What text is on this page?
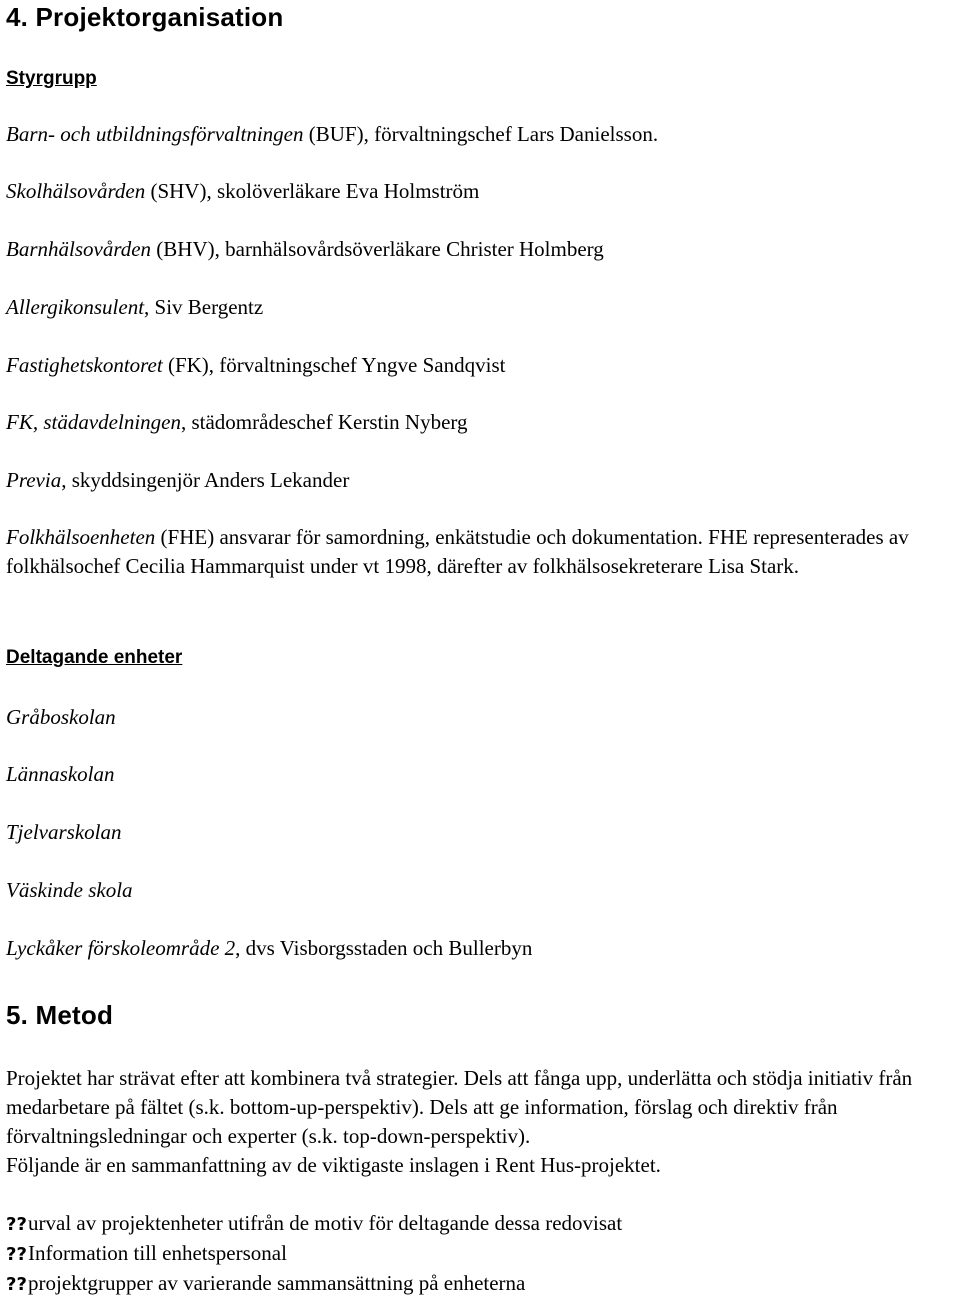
4. Projektorganisation
Styrgrupp
Barn- och utbildningsförvaltningen (BUF), förvaltningschef Lars Danielsson.
Skolhälsovården (SHV), skolöverläkare Eva Holmström
Barnhälsovården (BHV), barnhälsovårdsöverläkare Christer Holmberg
Allergikonsulent, Siv Bergentz
Fastighetskontoret (FK), förvaltningschef Yngve Sandqvist
FK, städavdelningen, städområdeschef Kerstin Nyberg
Previa, skyddsingenjör Anders Lekander
Folkhälsoenheten (FHE) ansvarar för samordning, enkätstudie och dokumentation. FHE representerades av folkhälsochef Cecilia Hammarquist under vt 1998, därefter av folkhälsosekreterare Lisa Stark.
Deltagande enheter
Gråboskolan
Lännaskolan
Tjelvarskolan
Väskinde skola
Lyckåker förskoleområde 2, dvs Visborgsstaden och Bullerbyn
5. Metod
Projektet har strävat efter att kombinera två strategier. Dels att fånga upp, underlätta och stödja initiativ från medarbetare på fältet (s.k. bottom-up-perspektiv). Dels att ge information, förslag och direktiv från förvaltningsledningar och experter (s.k. top-down-perspektiv).
Följande är en sammanfattning av de viktigaste inslagen i Rent Hus-projektet.
??urval av projektenheter utifrån de motiv för deltagande dessa redovisat
??Information till enhetspersonal
??projektgrupper av varierande sammansättning på enheterna
